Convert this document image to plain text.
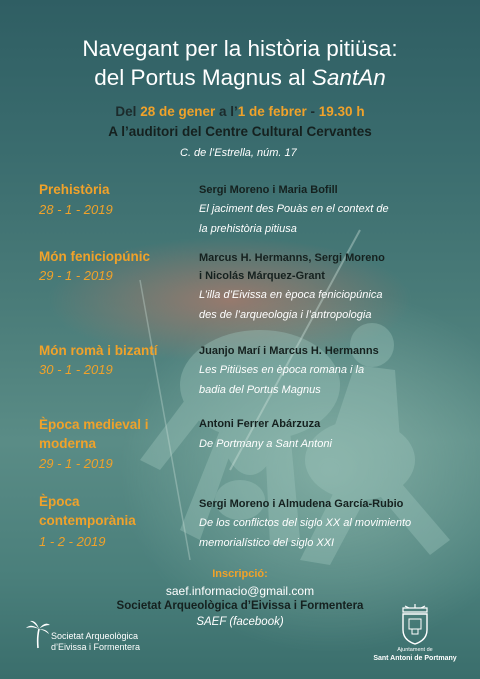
Navegant per la història pitiüsa:
del Portus Magnus al SantAn
Del 28 de gener a l’1 de febrer - 19.30 h
A l’auditori del Centre Cultural Cervantes
C. de l’Estrella, núm. 17
Prehistòria
28 - 1 - 2019
Sergi Moreno i Maria Bofill
El jaciment des Pouàs en el context de
la prehistòria pitiusa
Món feniciopúnic
29 - 1 - 2019
Marcus H. Hermanns, Sergi Moreno
i Nicolás Márquez-Grant
L’illa d’Eivissa en època feniciopúnica
des de l’arqueologia i l’antropologia
Món romà i bizantí
30 - 1 - 2019
Juanjo Marí i Marcus H. Hermanns
Les Pitiüses en època romana i la
badia del Portus Magnus
Època medieval i
moderna
29 - 1 - 2019
Antoni Ferrer Abárzuza
De Portmany a Sant Antoni
Època
contemporània
1 - 2 - 2019
Sergi Moreno i Almudena García-Rubio
De los conflictos del siglo XX al movimiento
memorialístico del siglo XXI
Inscripció:
saef.informacio@gmail.com
Societat Arqueològica d’Eivissa i Formentera
SAEF (facebook)
Societat Arqueològica
d’Eivissa i Formentera	Ajuntament de
Sant Antoni de Portmany
